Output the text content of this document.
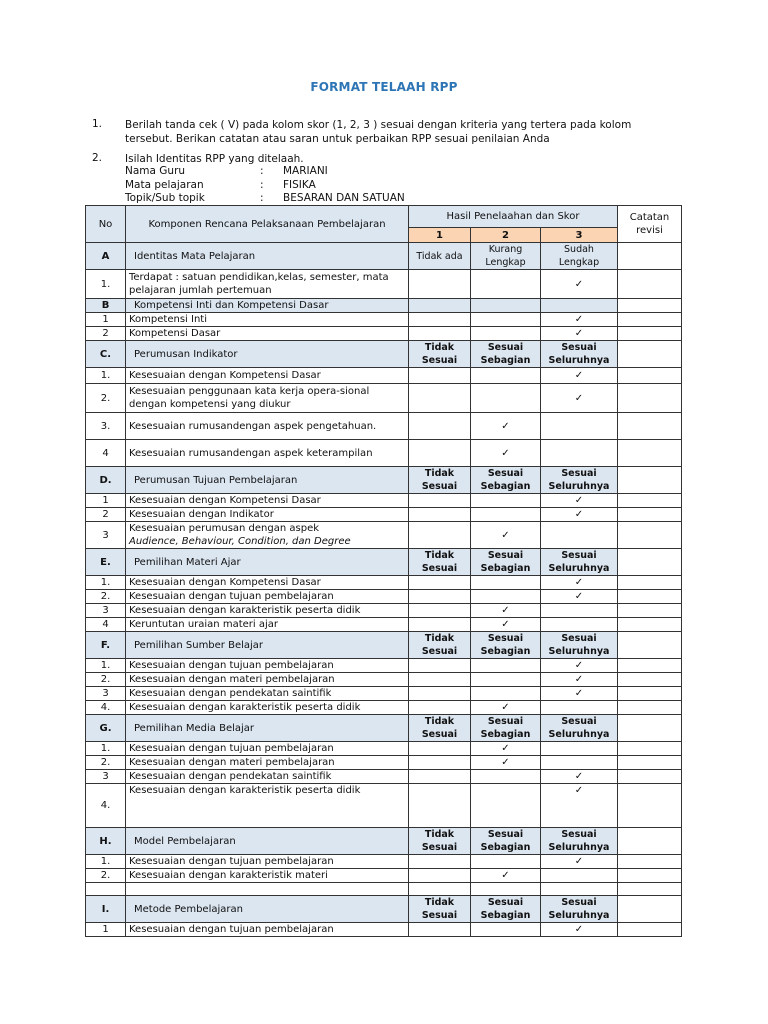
FORMAT TELAAH RPP
1. Berilah tanda cek ( V) pada kolom skor (1, 2, 3 ) sesuai dengan kriteria yang tertera pada kolom tersebut. Berikan catatan atau saran untuk perbaikan RPP sesuai penilaian Anda
2. Isilah Identitas RPP yang ditelaah.
Nama Guru	: MARIANI
Mata pelajaran	: FISIKA
Topik/Sub topik	: BESARAN DAN SATUAN
No	Komponen Rencana Pelaksanaan Pembelajaran	Hasil Penelaahan dan Skor			Catatan revisi
		1	2	3	
A	Identitas Mata Pelajaran	Tidak ada	Kurang Lengkap	Sudah Lengkap	
1.	Terdapat : satuan pendidikan,kelas, semester, mata pelajaran jumlah pertemuan			✓	
B	Kompetensi Inti dan Kompetensi Dasar				
1	Kompetensi Inti			✓	
2	Kompetensi Dasar			✓	
C.	Perumusan Indikator	Tidak Sesuai	Sesuai Sebagian	Sesuai Seluruhnya	
1.	Kesesuaian dengan Kompetensi Dasar			✓	
2.	Kesesuaian penggunaan kata kerja opera-sional dengan kompetensi yang diukur			✓	
3.	Kesesuaian rumusandengan aspek pengetahuan.		✓		
4	Kesesuaian rumusandengan aspek keterampilan		✓		
D.	Perumusan Tujuan Pembelajaran	Tidak Sesuai	Sesuai Sebagian	Sesuai Seluruhnya	
1	Kesesuaian dengan Kompetensi Dasar			✓	
2	Kesesuaian dengan Indikator			✓	
3	Kesesuaian perumusan dengan aspek
Audience, Behaviour, Condition, dan Degree		✓		
E.	Pemilihan Materi Ajar	Tidak Sesuai	Sesuai Sebagian	Sesuai Seluruhnya	
1.	Kesesuaian dengan Kompetensi Dasar			✓	
2.	Kesesuaian dengan tujuan pembelajaran			✓	
3	Kesesuaian dengan karakteristik peserta didik		✓		
4	Keruntutan uraian materi ajar		✓		
F.	Pemilihan Sumber Belajar	Tidak Sesuai	Sesuai Sebagian	Sesuai Seluruhnya	
1.	Kesesuaian dengan tujuan pembelajaran			✓	
2.	Kesesuaian dengan materi pembelajaran			✓	
3	Kesesuaian dengan pendekatan saintifik			✓	
4.	Kesesuaian dengan karakteristik peserta didik		✓		
G.	Pemilihan Media Belajar	Tidak Sesuai	Sesuai Sebagian	Sesuai Seluruhnya	
1.	Kesesuaian dengan tujuan pembelajaran		✓		
2.	Kesesuaian dengan materi pembelajaran		✓		
3	Kesesuaian dengan pendekatan saintifik			✓	
4.	Kesesuaian dengan karakteristik peserta didik			✓	
H.	Model Pembelajaran	Tidak Sesuai	Sesuai Sebagian	Sesuai Seluruhnya	
1.	Kesesuaian dengan tujuan pembelajaran			✓	
2.	Kesesuaian dengan karakteristik materi		✓		

I.	Metode Pembelajaran	Tidak Sesuai	Sesuai Sebagian	Sesuai Seluruhnya	
1	Kesesuaian dengan tujuan pembelajaran			✓	
